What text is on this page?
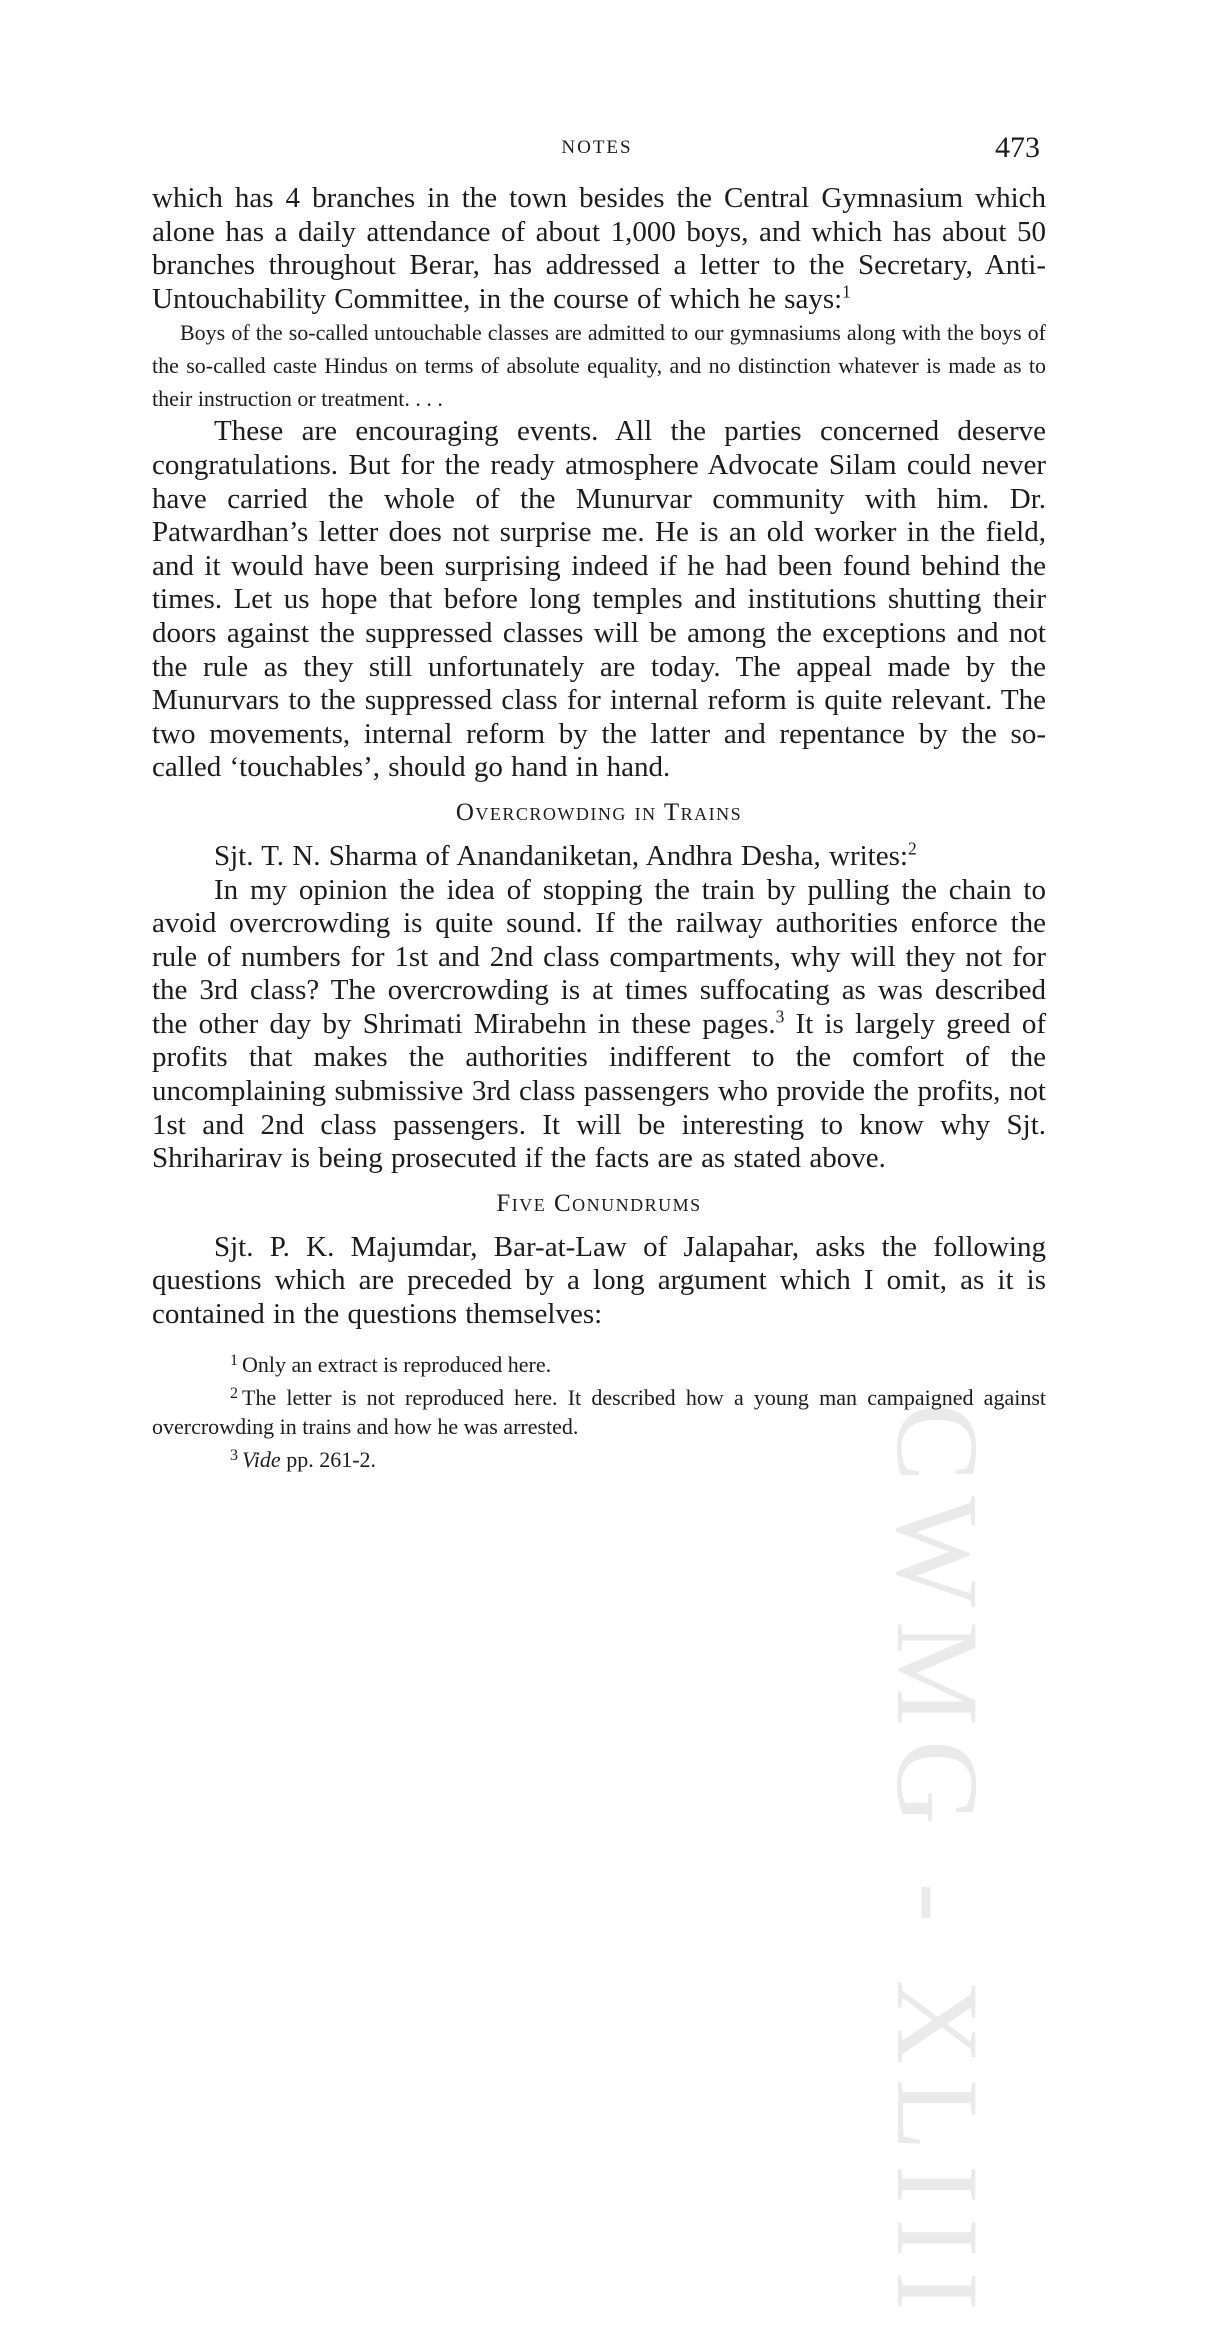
CWMG - XLIII
NOTES	473

which has 4 branches in the town besides the Central Gymnasium which alone has a daily attendance of about 1,000 boys, and which has about 50 branches throughout Berar, has addressed a letter to the Secretary, Anti-Untouchability Committee, in the course of which he says:$^1$

Boys of the so-called untouchable classes are admitted to our gymnasiums along with the boys of the so-called caste Hindus on terms of absolute equality, and no distinction whatever is made as to their instruction or treatment. . . .

These are encouraging events. All the parties concerned deserve congratulations. But for the ready atmosphere Advocate Silam could never have carried the whole of the Munurvar community with him. Dr. Patwardhan’s letter does not surprise me. He is an old worker in the field, and it would have been surprising indeed if he had been found behind the times. Let us hope that before long temples and institutions shutting their doors against the suppressed classes will be among the exceptions and not the rule as they still unfortunately are today. The appeal made by the Munurvars to the suppressed class for internal reform is quite relevant. The two movements, internal reform by the latter and repentance by the so-called ‘touchables’, should go hand in hand.

Overcrowding in Trains

Sjt. T. N. Sharma of Anandaniketan, Andhra Desha, writes:$^2$

In my opinion the idea of stopping the train by pulling the chain to avoid overcrowding is quite sound. If the railway authorities enforce the rule of numbers for 1st and 2nd class compartments, why will they not for the 3rd class? The overcrowding is at times suffocating as was described the other day by Shrimati Mirabehn in these pages.$^3$ It is largely greed of profits that makes the authorities indifferent to the comfort of the uncomplaining submissive 3rd class passengers who provide the profits, not 1st and 2nd class passengers. It will be interesting to know why Sjt. Shriharirav is being prosecuted if the facts are as stated above.

Five Conundrums

Sjt. P. K. Majumdar, Bar-at-Law of Jalapahar, asks the following questions which are preceded by a long argument which I omit, as it is contained in the questions themselves:

$^1$ Only an extract is reproduced here.

$^2$ The letter is not reproduced here. It described how a young man campaigned against overcrowding in trains and how he was arrested.

$^3$ Vide pp. 261-2.
